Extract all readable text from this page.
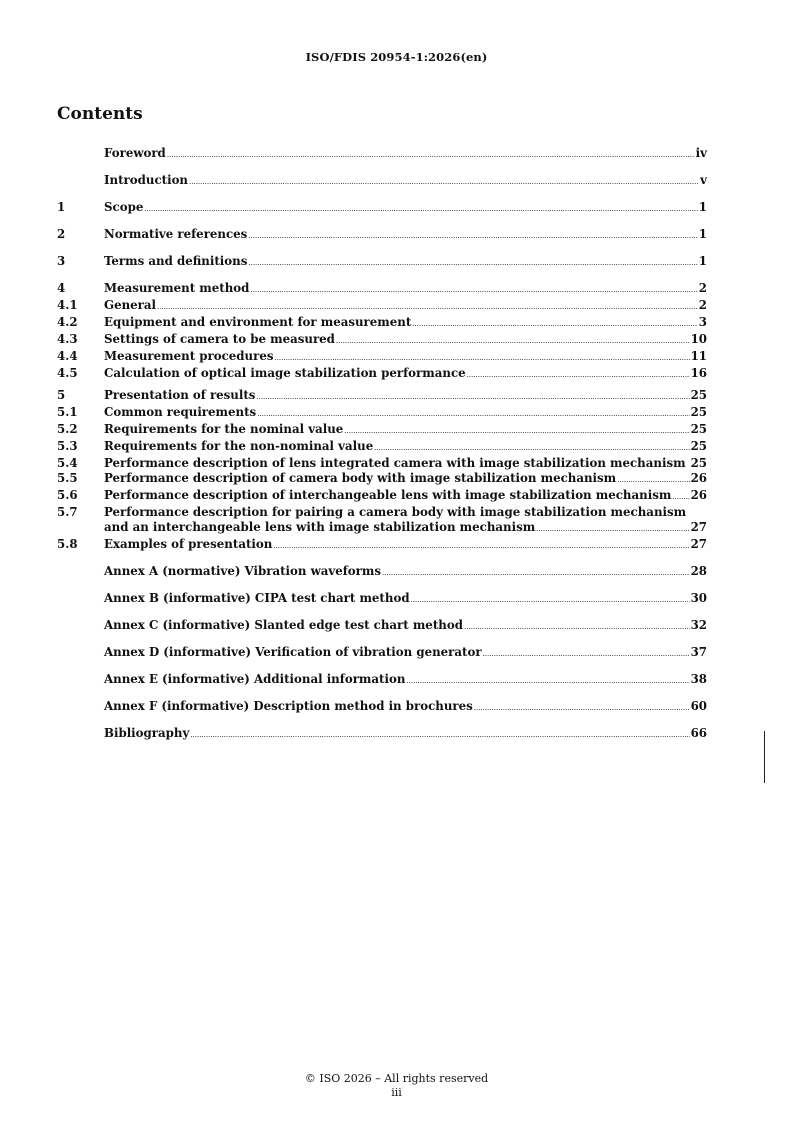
ISO/FDIS 20954-1:2026(en)
Contents
Foreword .....	iv
Introduction .....	v
1	Scope .....	1
2	Normative references .....	1
3	Terms and definitions .....	1
4	Measurement method .....	2
4.1	General .....	2
4.2	Equipment and environment for measurement .....	3
4.3	Settings of camera to be measured .....	10
4.4	Measurement procedures .....	11
4.5	Calculation of optical image stabilization performance .....	16
5	Presentation of results .....	25
5.1	Common requirements .....	25
5.2	Requirements for the nominal value .....	25
5.3	Requirements for the non-nominal value .....	25
5.4	Performance description of lens integrated camera with image stabilization mechanism 25
5.5	Performance description of camera body with image stabilization mechanism .....	26
5.6	Performance description of interchangeable lens with image stabilization mechanism ..... 26
5.7	Performance description for pairing a camera body with image stabilization mechanism
and an interchangeable lens with image stabilization mechanism .....	27
5.8	Examples of presentation .....	27
Annex A (normative) Vibration waveforms .....	28
Annex B (informative) CIPA test chart method .....	30
Annex C (informative) Slanted edge test chart method .....	32
Annex D (informative) Verification of vibration generator .....	37
Annex E (informative) Additional information .....	38
Annex F (informative) Description method in brochures .....	60
Bibliography .....	66
© ISO 2026 – All rights reserved
iii
